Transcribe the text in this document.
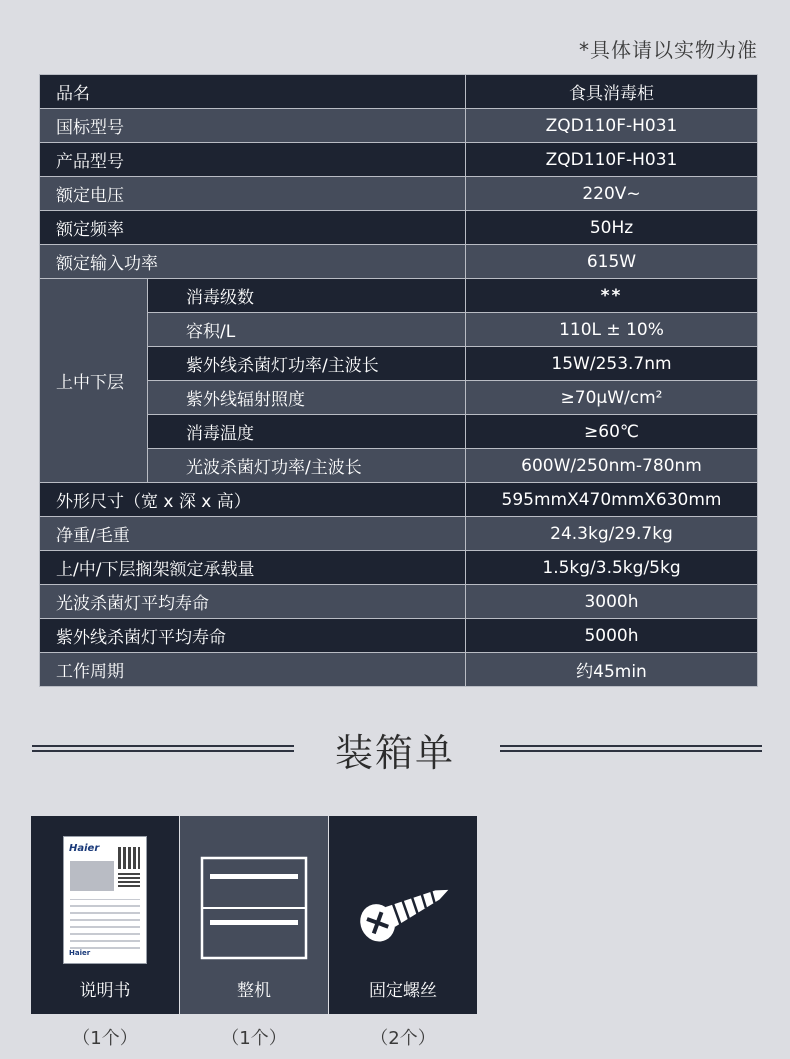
*具体请以实物为准
品名		食具消毒柜
国标型号		ZQD110F-H031
产品型号		ZQD110F-H031
额定电压		220V~
额定频率		50Hz
额定输入功率		615W
上中下层	消毒级数	**
	容积/L	110L ± 10%
	紫外线杀菌灯功率/主波长	15W/253.7nm
	紫外线辐射照度	≥70μW/cm²
	消毒温度	≥60℃
	光波杀菌灯功率/主波长	600W/250nm-780nm
外形尺寸（宽 x 深 x 高）		595mmX470mmX630mm
净重/毛重		24.3kg/29.7kg
上/中/下层搁架额定承载量		1.5kg/3.5kg/5kg
光波杀菌灯平均寿命		3000h
紫外线杀菌灯平均寿命		5000h
工作周期		约45min
装箱单
Haier
Haier
说明书	整机	固定螺丝
（1个）	（1个）	（2个）
